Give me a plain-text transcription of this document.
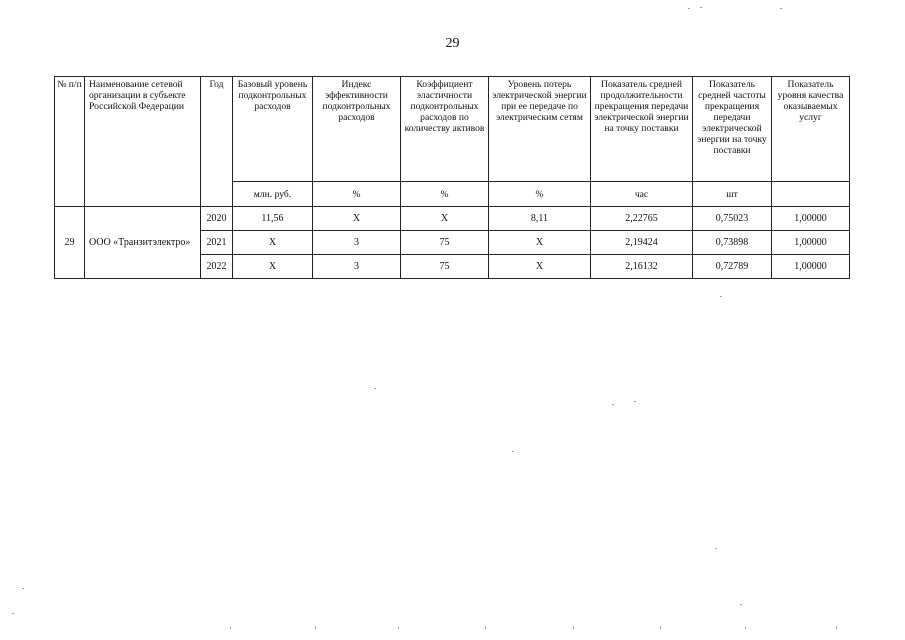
29
№ п/п	Наименование сетевой организации в субъекте Российской Федерации	Год	Базовый уровень подконтрольных расходов	Индекс эффективности подконтрольных расходов	Коэффициент эластичности подконтрольных расходов по количеству активов	Уровень потерь электрической энергии при ее передаче по электрическим сетям	Показатель средней продолжительности прекращения передачи электрической энергии на точку поставки	Показатель средней частоты прекращения передачи электрической энергии на точку поставки	Показатель уровня качества оказываемых услуг
			млн. руб.	%	%	%	час	шт	
29	ООО «Транзитэлектро»	2020	11,56	X	X	8,11	2,22765	0,75023	1,00000
		2021	X	3	75	X	2,19424	0,73898	1,00000
		2022	X	3	75	X	2,16132	0,72789	1,00000
